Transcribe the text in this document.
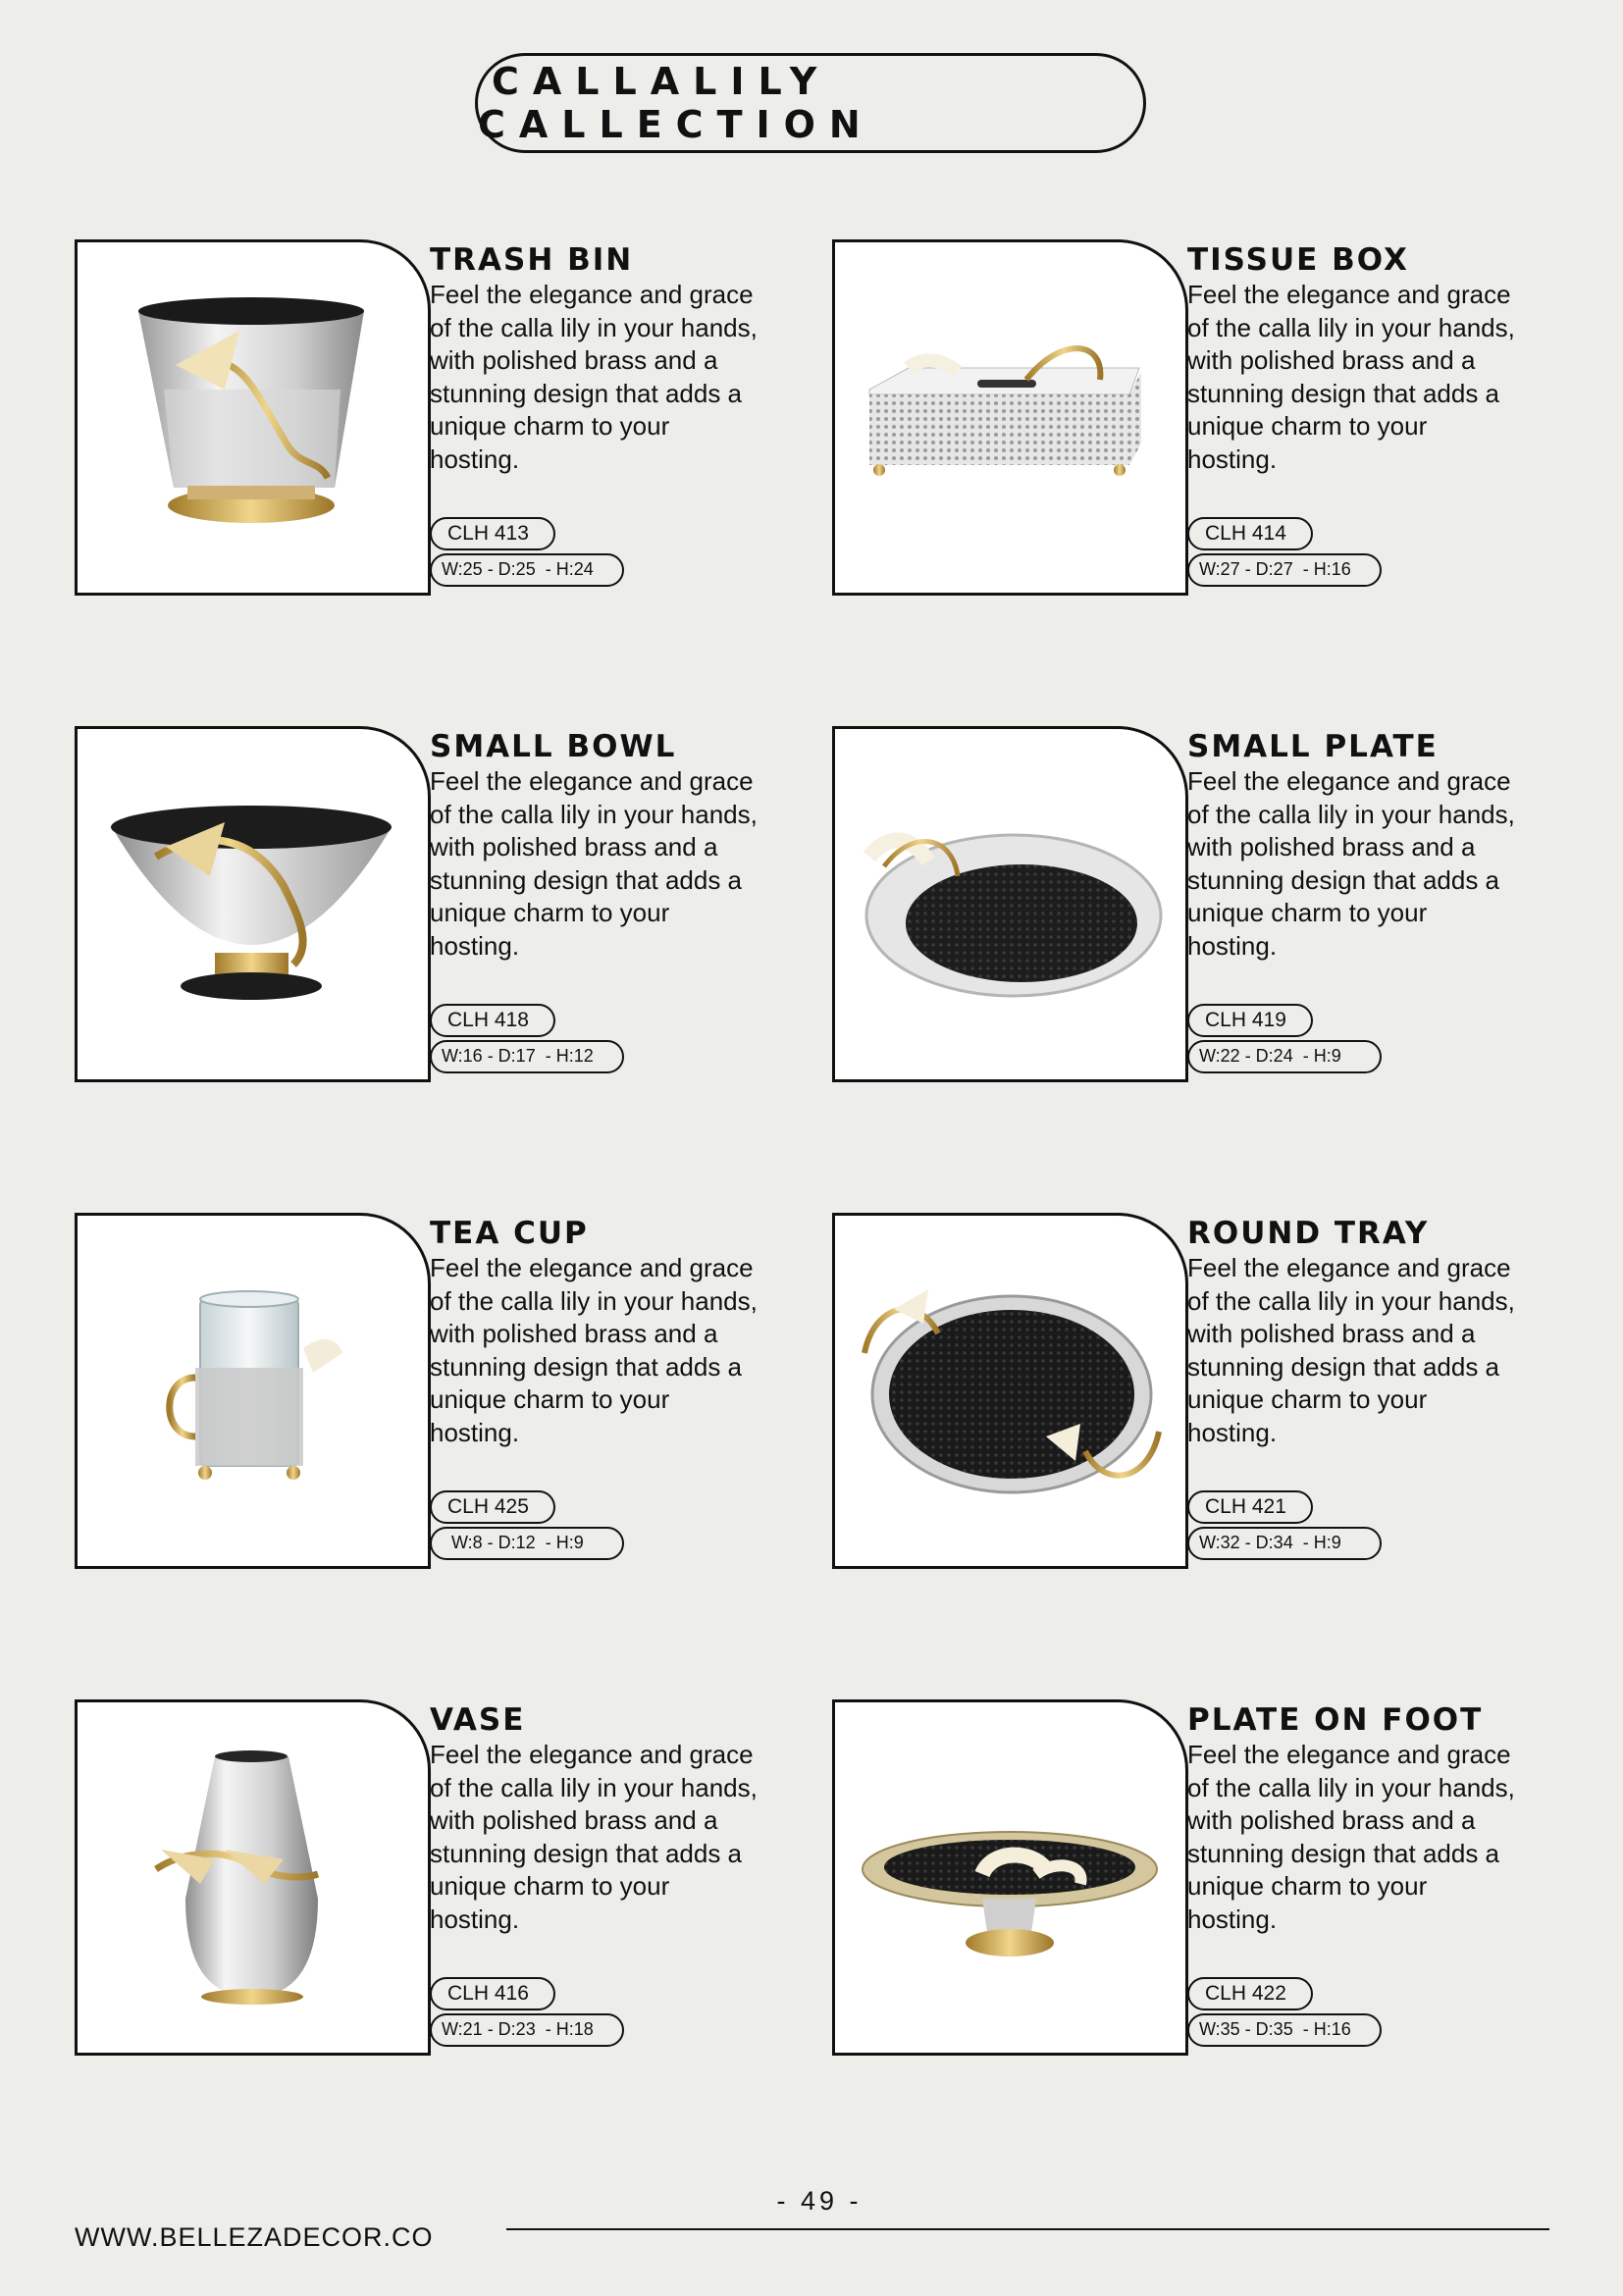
CALLALILY CALLECTION

TRASH BIN

Feel the elegance and grace of the calla lily in your hands, with polished brass and a stunning design that adds a unique charm to your hosting.

CLH 413
W:25 - D:25  - H:24

TISSUE BOX

Feel the elegance and grace of the calla lily in your hands, with polished brass and a stunning design that adds a unique charm to your hosting.

CLH 414
W:27 - D:27  - H:16

SMALL BOWL

Feel the elegance and grace of the calla lily in your hands, with polished brass and a stunning design that adds a unique charm to your hosting.

CLH 418
W:16 - D:17  - H:12

SMALL PLATE

Feel the elegance and grace of the calla lily in your hands, with polished brass and a stunning design that adds a unique charm to your hosting.

CLH 419
W:22 - D:24  - H:9

TEA CUP

Feel the elegance and grace of the calla lily in your hands, with polished brass and a stunning design that adds a unique charm to your hosting.

CLH 425
W:8 - D:12  - H:9

ROUND TRAY

Feel the elegance and grace of the calla lily in your hands, with polished brass and a stunning design that adds a unique charm to your hosting.

CLH 421
W:32 - D:34  - H:9

VASE

Feel the elegance and grace of the calla lily in your hands, with polished brass and a stunning design that adds a unique charm to your hosting.

CLH 416
W:21 - D:23  - H:18

PLATE ON FOOT

Feel the elegance and grace of the calla lily in your hands, with polished brass and a stunning design that adds a unique charm to your hosting.

CLH 422
W:35 - D:35  - H:16
- 49 -
WWW.BELLEZADECOR.CO
